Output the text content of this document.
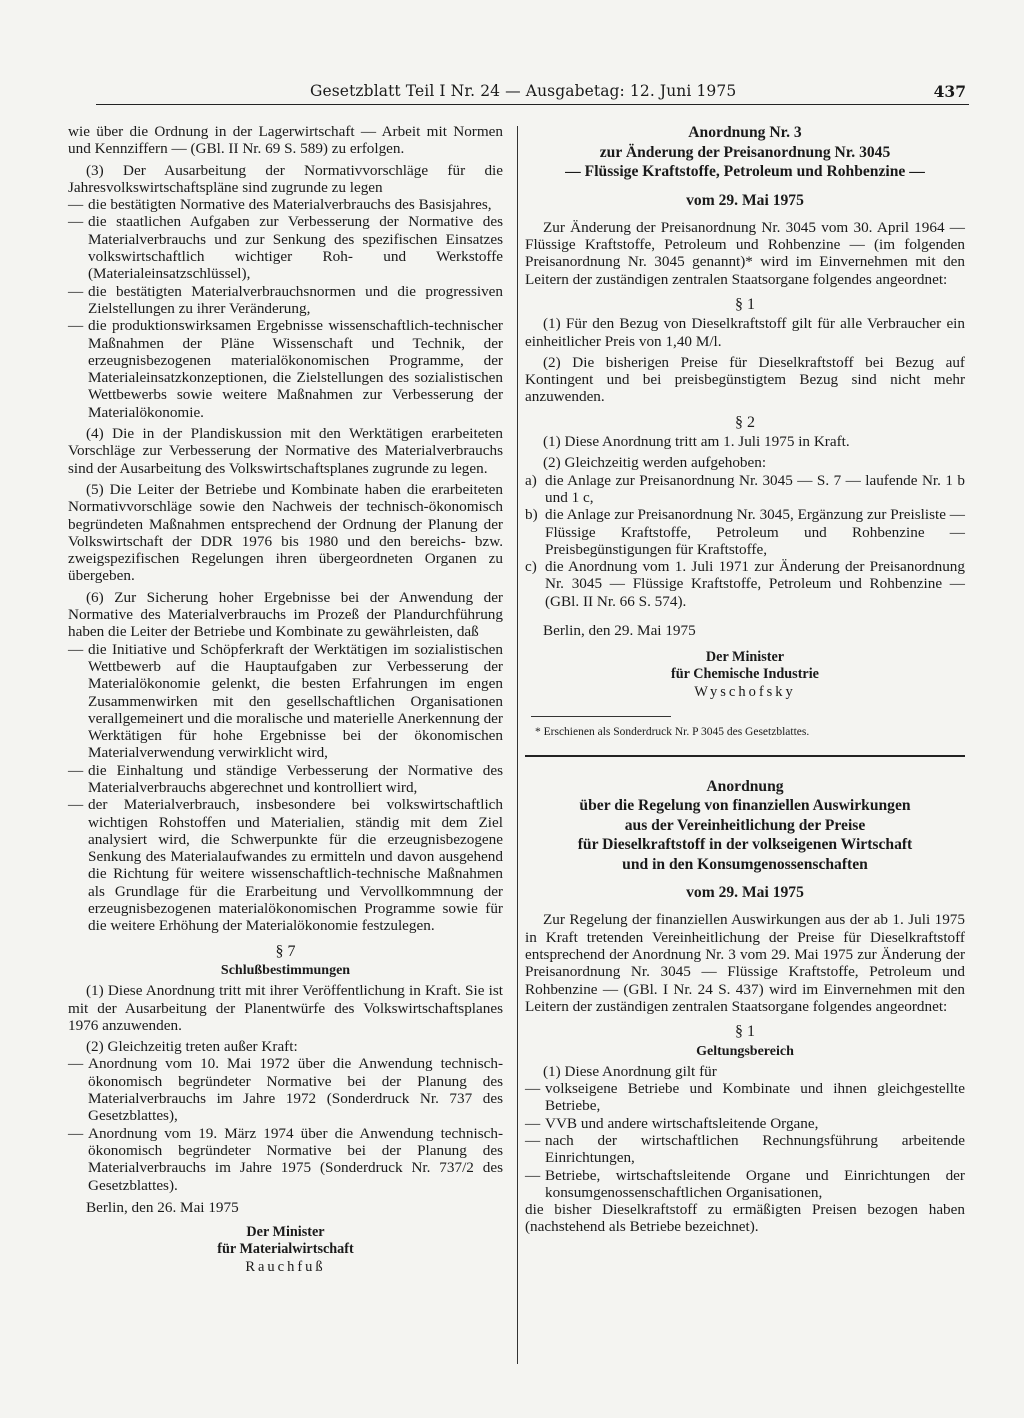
Gesetzblatt Teil I Nr. 24 — Ausgabetag: 12. Juni 1975	437

wie über die Ordnung in der Lagerwirtschaft — Arbeit mit Normen und Kennziffern — (GBl. II Nr. 69 S. 589) zu erfolgen.

(3) Der Ausarbeitung der Normativvorschläge für die Jahresvolkswirtschaftspläne sind zugrunde zu legen

— die bestätigten Normative des Materialverbrauchs des Basisjahres,
— die staatlichen Aufgaben zur Verbesserung der Normative des Materialverbrauchs und zur Senkung des spezifischen Einsatzes volkswirtschaftlich wichtiger Roh- und Werkstoffe (Materialeinsatzschlüssel),
— die bestätigten Materialverbrauchsnormen und die progressiven Zielstellungen zu ihrer Veränderung,
— die produktionswirksamen Ergebnisse wissenschaftlich-technischer Maßnahmen der Pläne Wissenschaft und Technik, der erzeugnisbezogenen materialökonomischen Programme, der Materialeinsatzkonzeptionen, die Zielstellungen des sozialistischen Wettbewerbs sowie weitere Maßnahmen zur Verbesserung der Materialökonomie.

(4) Die in der Plandiskussion mit den Werktätigen erarbeiteten Vorschläge zur Verbesserung der Normative des Materialverbrauchs sind der Ausarbeitung des Volkswirtschaftsplanes zugrunde zu legen.

(5) Die Leiter der Betriebe und Kombinate haben die erarbeiteten Normativvorschläge sowie den Nachweis der technisch-ökonomisch begründeten Maßnahmen entsprechend der Ordnung der Planung der Volkswirtschaft der DDR 1976 bis 1980 und den bereichs- bzw. zweigspezifischen Regelungen ihren übergeordneten Organen zu übergeben.

(6) Zur Sicherung hoher Ergebnisse bei der Anwendung der Normative des Materialverbrauchs im Prozeß der Plandurchführung haben die Leiter der Betriebe und Kombinate zu gewährleisten, daß

— die Initiative und Schöpferkraft der Werktätigen im sozialistischen Wettbewerb auf die Hauptaufgaben zur Verbesserung der Materialökonomie gelenkt, die besten Erfahrungen im engen Zusammenwirken mit den gesellschaftlichen Organisationen verallgemeinert und die moralische und materielle Anerkennung der Werktätigen für hohe Ergebnisse bei der ökonomischen Materialverwendung verwirklicht wird,
— die Einhaltung und ständige Verbesserung der Normative des Materialverbrauchs abgerechnet und kontrolliert wird,
— der Materialverbrauch, insbesondere bei volkswirtschaftlich wichtigen Rohstoffen und Materialien, ständig mit dem Ziel analysiert wird, die Schwerpunkte für die erzeugnisbezogene Senkung des Materialaufwandes zu ermitteln und davon ausgehend die Richtung für weitere wissenschaftlich-technische Maßnahmen als Grundlage für die Erarbeitung und Vervollkommnung der erzeugnisbezogenen materialökonomischen Programme sowie für die weitere Erhöhung der Materialökonomie festzulegen.
§ 7
Schlußbestimmungen

(1) Diese Anordnung tritt mit ihrer Veröffentlichung in Kraft. Sie ist mit der Ausarbeitung der Planentwürfe des Volkswirtschaftsplanes 1976 anzuwenden.

(2) Gleichzeitig treten außer Kraft:

— Anordnung vom 10. Mai 1972 über die Anwendung technisch-ökonomisch begründeter Normative bei der Planung des Materialverbrauchs im Jahre 1972 (Sonderdruck Nr. 737 des Gesetzblattes),
— Anordnung vom 19. März 1974 über die Anwendung technisch-ökonomisch begründeter Normative bei der Planung des Materialverbrauchs im Jahre 1975 (Sonderdruck Nr. 737/2 des Gesetzblattes).

Berlin, den 26. Mai 1975

Der Minister
für Materialwirtschaft
Rauchfuß
Anordnung Nr. 3
zur Änderung der Preisanordnung Nr. 3045
— Flüssige Kraftstoffe, Petroleum und Rohbenzine —
vom 29. Mai 1975

Zur Änderung der Preisanordnung Nr. 3045 vom 30. April 1964 — Flüssige Kraftstoffe, Petroleum und Rohbenzine — (im folgenden Preisanordnung Nr. 3045 genannt)* wird im Einvernehmen mit den Leitern der zuständigen zentralen Staatsorgane folgendes angeordnet:

§ 1

(1) Für den Bezug von Dieselkraftstoff gilt für alle Verbraucher ein einheitlicher Preis von 1,40 M/l.

(2) Die bisherigen Preise für Dieselkraftstoff bei Bezug auf Kontingent und bei preisbegünstigtem Bezug sind nicht mehr anzuwenden.

§ 2

(1) Diese Anordnung tritt am 1. Juli 1975 in Kraft.

(2) Gleichzeitig werden aufgehoben:

a) die Anlage zur Preisanordnung Nr. 3045 — S. 7 — laufende Nr. 1 b und 1 c,
b) die Anlage zur Preisanordnung Nr. 3045, Ergänzung zur Preisliste — Flüssige Kraftstoffe, Petroleum und Rohbenzine — Preisbegünstigungen für Kraftstoffe,
c) die Anordnung vom 1. Juli 1971 zur Änderung der Preisanordnung Nr. 3045 — Flüssige Kraftstoffe, Petroleum und Rohbenzine — (GBl. II Nr. 66 S. 574).

Berlin, den 29. Mai 1975

Der Minister
für Chemische Industrie
Wyschofsky
* Erschienen als Sonderdruck Nr. P 3045 des Gesetzblattes.
Anordnung
über die Regelung von finanziellen Auswirkungen
aus der Vereinheitlichung der Preise
für Dieselkraftstoff in der volkseigenen Wirtschaft
und in den Konsumgenossenschaften
vom 29. Mai 1975

Zur Regelung der finanziellen Auswirkungen aus der ab 1. Juli 1975 in Kraft tretenden Vereinheitlichung der Preise für Dieselkraftstoff entsprechend der Anordnung Nr. 3 vom 29. Mai 1975 zur Änderung der Preisanordnung Nr. 3045 — Flüssige Kraftstoffe, Petroleum und Rohbenzine — (GBl. I Nr. 24 S. 437) wird im Einvernehmen mit den Leitern der zuständigen zentralen Staatsorgane folgendes angeordnet:

§ 1
Geltungsbereich

(1) Diese Anordnung gilt für

— volkseigene Betriebe und Kombinate und ihnen gleichgestellte Betriebe,
— VVB und andere wirtschaftsleitende Organe,
— nach der wirtschaftlichen Rechnungsführung arbeitende Einrichtungen,
— Betriebe, wirtschaftsleitende Organe und Einrichtungen der konsumgenossenschaftlichen Organisationen,

die bisher Dieselkraftstoff zu ermäßigten Preisen bezogen haben (nachstehend als Betriebe bezeichnet).
